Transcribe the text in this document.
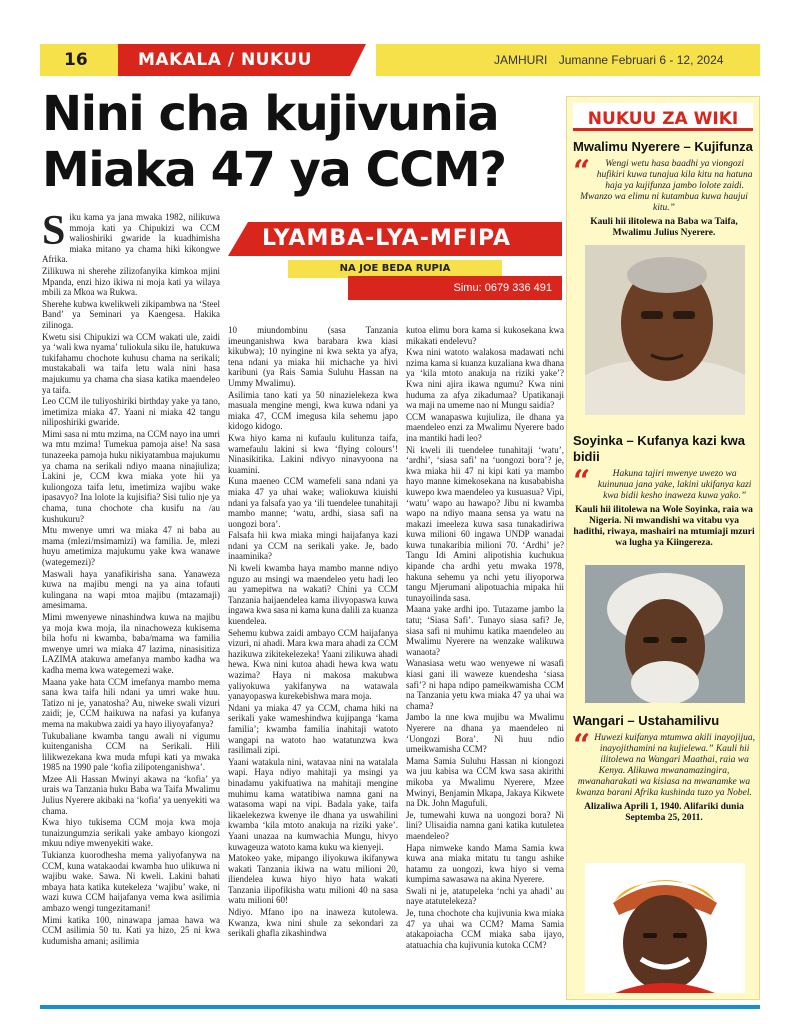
16	MAKALA / NUKUU	JAMHURI Jumanne Februari 6 - 12, 2024
Nini cha kujivunia
Miaka 47 ya CCM?
LYAMBA-LYA-MFIPA
NA JOE BEDA RUPIA
Simu: 0679 336 491
S iku kama ya jana mwaka 1982, nilikuwa mmoja kati ya Chipukizi wa CCM walioshiriki gwaride la kuadhimisha miaka mitano ya chama hiki kikongwe Afrika.

Zilikuwa ni sherehe zilizofanyika kimkoa mjini Mpanda, enzi hizo ikiwa ni moja kati ya wilaya mbili za Mkoa wa Rukwa.

Sherehe kubwa kwelikweli zikipambwa na ‘Steel Band’ ya Seminari ya Kaengesa. Hakika zilinoga.

Kwetu sisi Chipukizi wa CCM wakati ule, zaidi ya ‘wali kwa nyama’ tuliokula siku ile, hatukuwa tukifahamu chochote kuhusu chama na serikali; mustakabali wa taifa letu wala nini hasa majukumu ya chama cha siasa katika maendeleo ya taifa.

Leo CCM ile tuliyoshiriki birthday yake ya tano, imetimiza miaka 47. Yaani ni miaka 42 tangu niliposhiriki gwaride.

Mimi sasa ni mtu mzima, na CCM nayo ina umri wa mtu mzima! Tumekua pamoja aise! Na sasa tunazeeka pamoja huku nikiyatambua majukumu ya chama na serikali ndiyo maana ninajiuliza; Lakini je, CCM kwa miaka yote hii ya kuliongoza taifa letu, imetimiza wajibu wake ipasavyo? Ina lolote la kujisifia? Sisi tulio nje ya chama, tuna chochote cha kusifu na /au kushukuru?

Mtu mwenye umri wa miaka 47 ni baba au mama (mlezi/msimamizi) wa familia. Je, mlezi huyu ametimiza majukumu yake kwa wanawe (wategemezi)?

Maswali haya yanafikirisha sana. Yanaweza kuwa na majibu mengi na ya aina tofauti kulingana na wapi mtoa majibu (mtazamaji) amesimama.

Mimi mwenyewe ninashindwa kuwa na majibu ya moja kwa moja, ila ninachoweza kukisema bila hofu ni kwamba, baba/mama wa familia mwenye umri wa miaka 47 lazima, ninasisitiza LAZIMA atakuwa amefanya mambo kadha wa kadha mema kwa wategemezi wake.

Maana yake hata CCM imefanya mambo mema sana kwa taifa hili ndani ya umri wake huu. Tatizo ni je, yanatosha? Au, niweke swali vizuri zaidi; je, CCM haikuwa na nafasi ya kufanya mema na makubwa zaidi ya hayo iliyoyafanya?

Tukubaliane kwamba tangu awali ni vigumu kuitenganisha CCM na Serikali. Hili lilikwezekana kwa muda mfupi kati ya mwaka 1985 na 1990 pale ‘kofia zilipotenganishwa’.

Mzee Ali Hassan Mwinyi akawa na ‘kofia’ ya urais wa Tanzania huku Baba wa Taifa Mwalimu Julius Nyerere akibaki na ‘kofia’ ya uenyekiti wa chama.

Kwa hiyo tukisema CCM moja kwa moja tunaizungumzia serikali yake ambayo kiongozi mkuu ndiye mwenyekiti wake.

Tukianza kuorodhesha mema yaliyofanywa na CCM, kuna watakaodai kwamba huo ulikuwa ni wajibu wake. Sawa. Ni kweli. Lakini bahati mbaya hata katika kutekeleza ‘wajibu’ wake, ni wazi kuwa CCM haijafanya vema kwa asilimia ambazo wengi tungezitamani!

Mimi katika 100, ninawapa jamaa hawa wa CCM asilimia 50 tu. Kati ya hizo, 25 ni kwa kudumisha amani; asilimia

10 miundombinu (sasa Tanzania imeunganishwa kwa barabara kwa kiasi kikubwa); 10 nyingine ni kwa sekta ya afya, tena ndani ya miaka hii michache ya hivi karibuni (ya Rais Samia Suluhu Hassan na Ummy Mwalimu).

Asilimia tano kati ya 50 ninazielekeza kwa masuala mengine mengi, kwa kuwa ndani ya miaka 47, CCM imegusa kila sehemu japo kidogo kidogo.

Kwa hiyo kama ni kufaulu kulitunza taifa, wamefaulu lakini si kwa ‘flying colours’! Ninasikitika. Lakini ndivyo ninavyoona na kuamini.

Kuna maeneo CCM wamefeli sana ndani ya miaka 47 ya uhai wake; waliokuwa kiuishi ndani ya falsafa yao ya ‘ili tuendelee tunahitaji mambo manne; ‘watu, ardhi, siasa safi na uongozi bora’.

Falsafa hii kwa miaka mingi haijafanya kazi ndani ya CCM na serikali yake. Je, bado inaaminika?

Ni kweli kwamba haya mambo manne ndiyo nguzo au msingi wa maendeleo yetu hadi leo au yamepitwa na wakati? Chini ya CCM Tanzania haijaendelea kama ilivyopaswa kuwa ingawa kwa sasa ni kama kuna dalili za kuanza kuendelea.

Sehemu kubwa zaidi ambayo CCM haijafanya vizuri, ni ahadi. Mara kwa mara ahadi za CCM hazikuwa zikitekelezeka! Yaani zilikuwa ahadi hewa. Kwa nini kutoa ahadi hewa kwa watu wazima? Haya ni makosa makubwa yaliyokuwa yakifanywa na watawala yanayopaswa kurekebishwa mara moja.

Ndani ya miaka 47 ya CCM, chama hiki na serikali yake wameshindwa kujipanga ‘kama familia’; kwamba familia inahitaji watoto wangapi na watoto hao watatunzwa kwa rasilimali zipi.

Yaani watakula nini, watavaa nini na watalala wapi. Haya ndiyo mahitaji ya msingi ya binadamu yakifuatiwa na mahitaji mengine muhimu kama watatibiwa namna gani na watasoma wapi na vipi. Badala yake, taifa likaelekezwa kwenye ile dhana ya uswahilini kwamba ‘kila mtoto anakuja na riziki yake’. Yaani unazaa na kumwachia Mungu, hivyo kuwageuza watoto kama kuku wa kienyeji.

Matokeo yake, mipango iliyokuwa ikifanywa wakati Tanzania ikiwa na watu milioni 20, iliendelea kuwa hiyo hiyo hata wakati Tanzania ilipofikisha watu milioni 40 na sasa watu milioni 60!

Ndiyo. Mfano ipo na inaweza kutolewa. Kwanza, kwa nini shule za sekondari za serikali ghafla zikashindwa

kutoa elimu bora kama si kukosekana kwa mikakati endelevu?

Kwa nini watoto walakosa madawati nchi nzima kama si kuanza kuzaliana kwa dhana ya ‘kila mtoto anakuja na riziki yake’? Kwa nini ajira ikawa ngumu? Kwa nini huduma za afya zikadumaa? Upatikanaji wa maji na umeme nao ni Mungu saidia?

CCM wanapaswa kujiuliza, ile dhana ya maendeleo enzi za Mwalimu Nyerere bado ina mantiki hadi leo?

Ni kweli ili tuendelee tunahitaji ‘watu’, ‘ardhi’, ‘siasa safi’ na ‘uongozi bora’? je, kwa miaka hii 47 ni kipi kati ya mambo hayo manne kimekosekana na kusababisha kuwepo kwa maendeleo ya kusuasua? Vipi, ‘watu’ wapo au hawapo? Jibu ni kwamba wapo na ndiyo maana sensa ya watu na makazi imeeleza kuwa sasa tunakadiriwa kuwa milioni 60 ingawa UNDP wanadai kuwa tunakaribia milioni 70. ‘Ardhi’ je? Tangu Idi Amini alipotishia kuchukua kipande cha ardhi yetu mwaka 1978, hakuna sehemu ya nchi yetu iliyoporwa tangu Mjerumani alipotuachia mipaka hii tunayoilinda sasa.

Maana yake ardhi ipo. Tutazame jambo la tatu; ‘Siasa Safi’. Tunayo siasa safi? Je, siasa safi ni muhimu katika maendeleo au Mwalimu Nyerere na wenzake walikuwa wanaota?

Wanasiasa wetu wao wenyewe ni wasafi kiasi gani ili waweze kuendesha ‘siasa safi’? ni hapa ndipo pameikwamisha CCM na Tanzania yetu kwa miaka 47 ya uhai wa chama?

Jambo la nne kwa mujibu wa Mwalimu Nyerere na dhana ya maendeleo ni ‘Uongozi Bora’. Ni huu ndio umeikwamisha CCM?

Mama Samia Suluhu Hassan ni kiongozi wa juu kabisa wa CCM kwa sasa akirithi mikoba ya Mwalimu Nyerere, Mzee Mwinyi, Benjamin Mkapa, Jakaya Kikwete na Dk. John Magufuli.

Je, tumewahi kuwa na uongozi bora? Ni lini? Ulisaidia namna gani katika kutuletea maendeleo?

Hapa nimweke kando Mama Samia kwa kuwa ana miaka mitatu tu tangu ashike hatamu za uongozi, kwa hiyo si vema kumpima sawasawa na akina Nyerere.

Swali ni je, atatupeleka ‘nchi ya ahadi’ au naye atatutelekeza?

Je, tuna chochote cha kujivunia kwa miaka 47 ya uhai wa CCM? Mama Samia atakapoiacha CCM miaka saba ijayo, atatuachia cha kujivunia kutoka CCM?

NUKUU ZA WIKI
Mwalimu Nyerere – Kujifunza
“	Wengi wetu hasa baadhi ya viongozi hufikiri kuwa tunajua kila kitu na hatuna haja ya kujifunza jambo lolote zaidi. Mwanzo wa elimu ni kutambua kuwa haujui kitu.”
Kauli hii ilitolewa na Baba wa Taifa, Mwalimu Julius Nyerere.
Soyinka – Kufanya kazi kwa bidii
“	Hakuna tajiri mwenye uwezo wa kuinunua jana yake, lakini ukifanya kazi kwa bidii kesho inaweza kuwa yako.”
Kauli hii ilitolewa na Wole Soyinka, raia wa Nigeria. Ni mwandishi wa vitabu vya hadithi, riwaya, mashairi na mtumiaji mzuri wa lugha ya Kiingereza.
Wangari – Ustahamilivu
“ Huwezi kuifanya mtumwa akili inayojijua, inayojithamini na kujielewa.” Kauli hii ilitolewa na Wangari Maathai, raia wa Kenya. Alikuwa mwanamazingira, mwanaharakati wa kisiasa na mwanamke wa kwanza barani Afrika kushinda tuzo ya Nobel.
Alizaliwa Aprili 1, 1940. Alifariki dunia Septemba 25, 2011.
